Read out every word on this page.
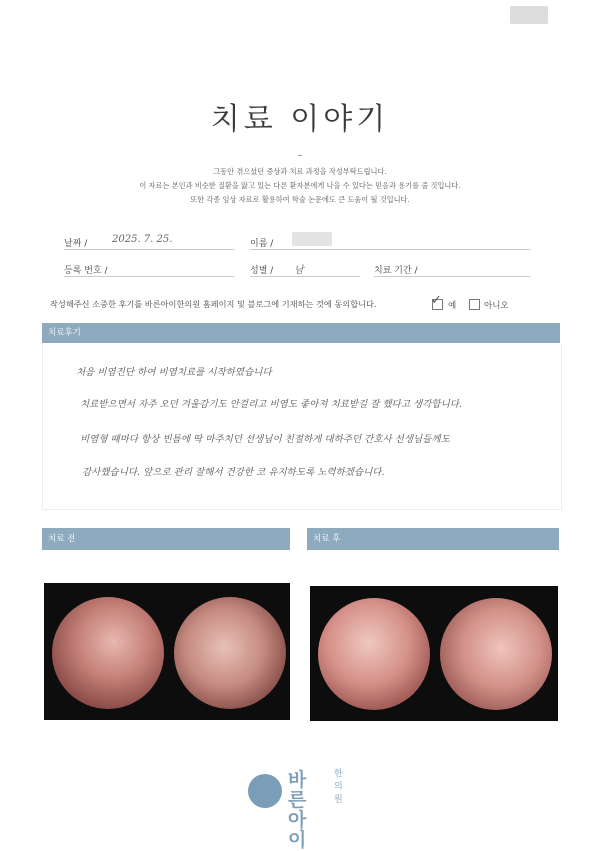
치료 이야기
–
그동안 겪으셨던 증상과 치료 과정을 작성부탁드립니다.
이 자료는 본인과 비슷한 질환을 앓고 있는 다른 환자분에게 나을 수 있다는 믿음과 용기를 줄 것입니다.
또한 각종 임상 자료로 활용하여 학술 논문에도 큰 도움이 될 것입니다.
날짜 / 2025. 7. 25.	이름 /
등록 번호 /	성별 / 남	치료 기간 /
작성해주신 소중한 후기를 바른아이한의원 홈페이지 및 블로그에 기재하는 것에 동의합니다.	✓ 예	아니오
치료후기
처음 비염진단 하여 비염치료를 시작하였습니다
치료받으면서 자주 오던 겨울감기도 안걸리고 비염도 좋아져 치료받길 잘 했다고 생각합니다.
비염형 때마다 항상 빈틈에 딱 마주치던 선생님이 친절하게 대하주던 간호사 선생님들께도
감사했습니다. 앞으로 관리 잘해서 건강한 코 유지하도록 노력하겠습니다.
치료 전	치료 후
바른
아이
한의원
